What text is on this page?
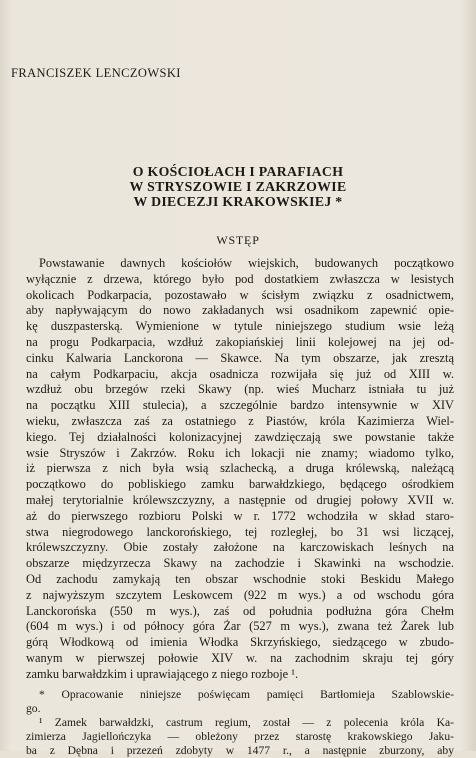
FRANCISZEK LENCZOWSKI
O KOŚCIOŁACH I PARAFIACH
W STRYSZOWIE I ZAKRZOWIE
W DIECEZJI KRAKOWSKIEJ *
WSTĘP
Powstawanie dawnych kościołów wiejskich, budowanych początkowo
wyłącznie z drzewa, którego było pod dostatkiem zwłaszcza w lesistych
okolicach Podkarpacia, pozostawało w ścisłym związku z osadnictwem,
aby napływającym do nowo zakładanych wsi osadnikom zapewnić opie-
kę duszpasterską. Wymienione w tytule niniejszego studium wsie leżą
na progu Podkarpacia, wzdłuż zakopiańskiej linii kolejowej na jej od-
cinku Kalwaria Lanckorona — Skawce. Na tym obszarze, jak zresztą
na całym Podkarpaciu, akcja osadnicza rozwijała się już od XIII w.
wzdłuż obu brzegów rzeki Skawy (np. wieś Mucharz istniała tu już
na początku XIII stulecia), a szczególnie bardzo intensywnie w XIV
wieku, zwłaszcza zaś za ostatniego z Piastów, króla Kazimierza Wiel-
kiego. Tej działalności kolonizacyjnej zawdzięczają swe powstanie także
wsie Stryszów i Zakrzów. Roku ich lokacji nie znamy; wiadomo tylko,
iż pierwsza z nich była wsią szlachecką, a druga królewską, należącą
początkowo do pobliskiego zamku barwałdzkiego, będącego ośrodkiem
małej terytorialnie królewszczyzny, a następnie od drugiej połowy XVII w.
aż do pierwszego rozbioru Polski w r. 1772 wchodziła w skład staro-
stwa niegrodowego lanckorońskiego, tej rozległej, bo 31 wsi liczącej,
królewszczyzny. Obie zostały założone na karczowiskach leśnych na
obszarze międzyrzecza Skawy na zachodzie i Skawinki na wschodzie.
Od zachodu zamykają ten obszar wschodnie stoki Beskidu Małego
z najwyższym szczytem Leskowcem (922 m wys.) a od wschodu góra
Lanckorońska (550 m wys.), zaś od południa podłużna góra Chełm
(604 m wys.) i od północy góra Żar (527 m wys.), zwana też Żarek lub
górą Włodkową od imienia Włodka Skrzyńskiego, siedzącego w zbudo-
wanym w pierwszej połowie XIV w. na zachodnim skraju tej góry
zamku barwałdzkim i uprawiającego z niego rozboje ¹.
* Opracowanie niniejsze poświęcam pamięci Bartłomieja Szablowskie-
go.
¹ Zamek barwałdzki, castrum regium, został — z polecenia króla Ka-
zimierza Jagiellończyka — obleżony przez starostę krakowskiego Jaku-
ba z Dębna i przezeń zdobyty w 1477 r., a następnie zburzony, aby
